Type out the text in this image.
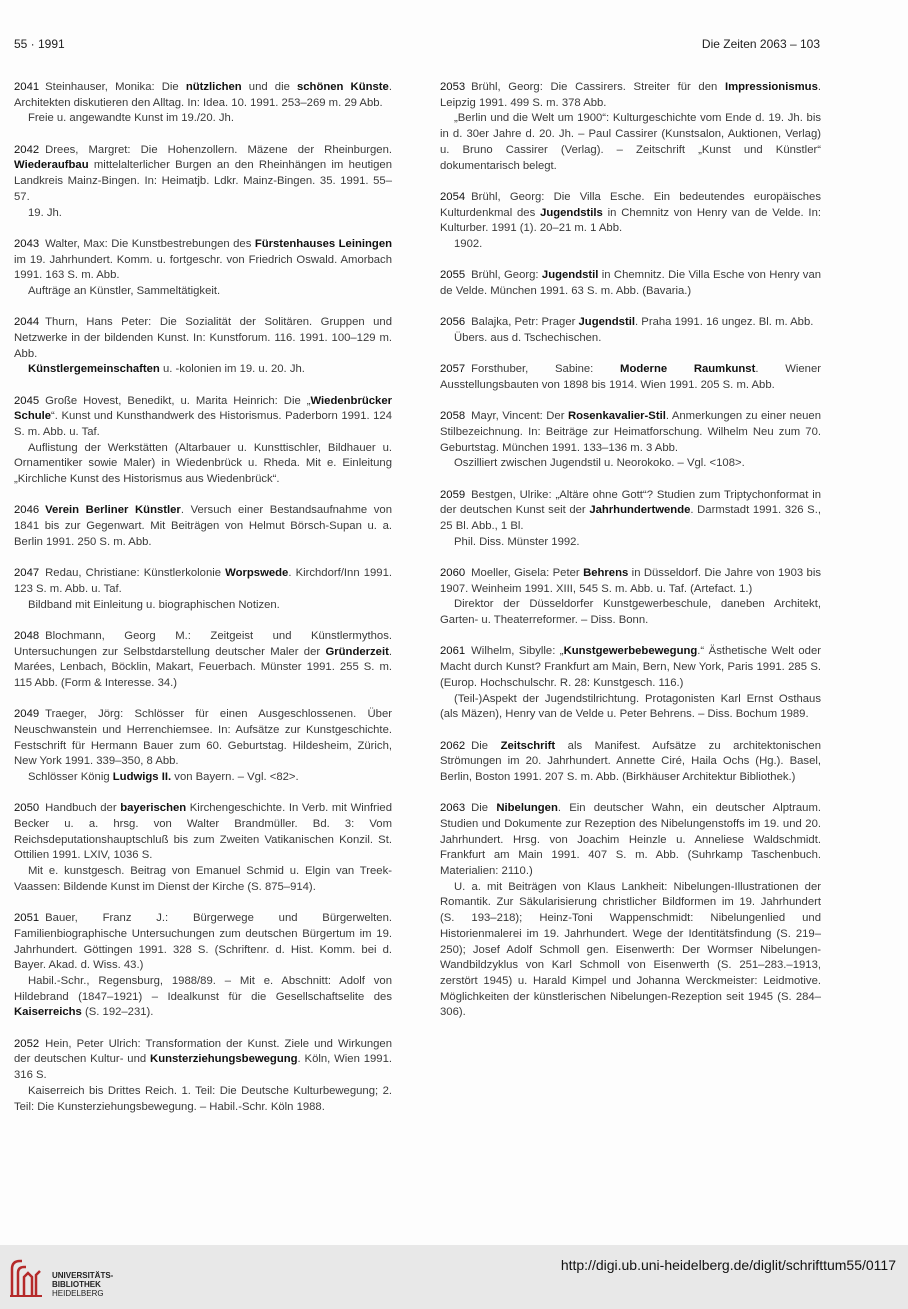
55 · 1991	Die Zeiten 2063 – 103
2041 Steinhauser, Monika: Die nützlichen und die schönen Künste. Architekten diskutieren den Alltag. In: Idea. 10. 1991. 253–269 m. 29 Abb.
Freie u. angewandte Kunst im 19./20. Jh.
2042 Drees, Margret: Die Hohenzollern. Mäzene der Rheinburgen. Wiederaufbau mittelalterlicher Burgen an den Rheinhängen im heutigen Landkreis Mainz-Bingen. In: Heimatjb. Ldkr. Mainz-Bingen. 35. 1991. 55–57.
19. Jh.
2043 Walter, Max: Die Kunstbestrebungen des Fürstenhauses Leiningen im 19. Jahrhundert. Komm. u. fortgeschr. von Friedrich Oswald. Amorbach 1991. 163 S. m. Abb.
Aufträge an Künstler, Sammeltätigkeit.
2044 Thurn, Hans Peter: Die Sozialität der Solitären. Gruppen und Netzwerke in der bildenden Kunst. In: Kunstforum. 116. 1991. 100–129 m. Abb.
Künstlergemeinschaften u. -kolonien im 19. u. 20. Jh.
2045 Große Hovest, Benedikt, u. Marita Heinrich: Die „Wiedenbrücker Schule“. Kunst und Kunsthandwerk des Historismus. Paderborn 1991. 124 S. m. Abb. u. Taf.
Auflistung der Werkstätten (Altarbauer u. Kunsttischler, Bildhauer u. Ornamentiker sowie Maler) in Wiedenbrück u. Rheda. Mit e. Einleitung „Kirchliche Kunst des Historismus aus Wiedenbrück“.
2046 Verein Berliner Künstler. Versuch einer Bestandsaufnahme von 1841 bis zur Gegenwart. Mit Beiträgen von Helmut Börsch-Supan u. a. Berlin 1991. 250 S. m. Abb.
2047 Redau, Christiane: Künstlerkolonie Worpswede. Kirchdorf/Inn 1991. 123 S. m. Abb. u. Taf.
Bildband mit Einleitung u. biographischen Notizen.
2048 Blochmann, Georg M.: Zeitgeist und Künstlermythos. Untersuchungen zur Selbstdarstellung deutscher Maler der Gründerzeit. Marées, Lenbach, Böcklin, Makart, Feuerbach. Münster 1991. 255 S. m. 115 Abb. (Form & Interesse. 34.)
2049 Traeger, Jörg: Schlösser für einen Ausgeschlossenen. Über Neuschwanstein und Herrenchiemsee. In: Aufsätze zur Kunstgeschichte. Festschrift für Hermann Bauer zum 60. Geburtstag. Hildesheim, Zürich, New York 1991. 339–350, 8 Abb.
Schlösser König Ludwigs II. von Bayern. – Vgl. <82>.
2050 Handbuch der bayerischen Kirchengeschichte. In Verb. mit Winfried Becker u. a. hrsg. von Walter Brandmüller. Bd. 3: Vom Reichsdeputationshauptschluß bis zum Zweiten Vatikanischen Konzil. St. Ottilien 1991. LXIV, 1036 S.
Mit e. kunstgesch. Beitrag von Emanuel Schmid u. Elgin van Treek-Vaassen: Bildende Kunst im Dienst der Kirche (S. 875–914).
2051 Bauer, Franz J.: Bürgerwege und Bürgerwelten. Familienbiographische Untersuchungen zum deutschen Bürgertum im 19. Jahrhundert. Göttingen 1991. 328 S. (Schriftenr. d. Hist. Komm. bei d. Bayer. Akad. d. Wiss. 43.)
Habil.-Schr., Regensburg, 1988/89. – Mit e. Abschnitt: Adolf von Hildebrand (1847–1921) – Idealkunst für die Gesellschaftselite des Kaiserreichs (S. 192–231).
2052 Hein, Peter Ulrich: Transformation der Kunst. Ziele und Wirkungen der deutschen Kultur- und Kunsterziehungsbewegung. Köln, Wien 1991. 316 S.
Kaiserreich bis Drittes Reich. 1. Teil: Die Deutsche Kulturbewegung; 2. Teil: Die Kunsterziehungsbewegung. – Habil.-Schr. Köln 1988.
2053 Brühl, Georg: Die Cassirers. Streiter für den Impressionismus. Leipzig 1991. 499 S. m. 378 Abb.
„Berlin und die Welt um 1900“: Kulturgeschichte vom Ende d. 19. Jh. bis in d. 30er Jahre d. 20. Jh. – Paul Cassirer (Kunstsalon, Auktionen, Verlag) u. Bruno Cassirer (Verlag). – Zeitschrift „Kunst und Künstler“ dokumentarisch belegt.
2054 Brühl, Georg: Die Villa Esche. Ein bedeutendes europäisches Kulturdenkmal des Jugendstils in Chemnitz von Henry van de Velde. In: Kulturber. 1991 (1). 20–21 m. 1 Abb.
1902.
2055 Brühl, Georg: Jugendstil in Chemnitz. Die Villa Esche von Henry van de Velde. München 1991. 63 S. m. Abb. (Bavaria.)
2056 Balajka, Petr: Prager Jugendstil. Praha 1991. 16 ungez. Bl. m. Abb.
Übers. aus d. Tschechischen.
2057 Forsthuber, Sabine: Moderne Raumkunst. Wiener Ausstellungsbauten von 1898 bis 1914. Wien 1991. 205 S. m. Abb.
2058 Mayr, Vincent: Der Rosenkavalier-Stil. Anmerkungen zu einer neuen Stilbezeichnung. In: Beiträge zur Heimatforschung. Wilhelm Neu zum 70. Geburtstag. München 1991. 133–136 m. 3 Abb.
Oszilliert zwischen Jugendstil u. Neorokoko. – Vgl. <108>.
2059 Bestgen, Ulrike: „Altäre ohne Gott“? Studien zum Triptychonformat in der deutschen Kunst seit der Jahrhundertwende. Darmstadt 1991. 326 S., 25 Bl. Abb., 1 Bl.
Phil. Diss. Münster 1992.
2060 Moeller, Gisela: Peter Behrens in Düsseldorf. Die Jahre von 1903 bis 1907. Weinheim 1991. XIII, 545 S. m. Abb. u. Taf. (Artefact. 1.)
Direktor der Düsseldorfer Kunstgewerbeschule, daneben Architekt, Garten- u. Theaterreformer. – Diss. Bonn.
2061 Wilhelm, Sibylle: „Kunstgewerbebewegung.“ Ästhetische Welt oder Macht durch Kunst? Frankfurt am Main, Bern, New York, Paris 1991. 285 S. (Europ. Hochschulschr. R. 28: Kunstgesch. 116.)
(Teil-)Aspekt der Jugendstilrichtung. Protagonisten Karl Ernst Osthaus (als Mäzen), Henry van de Velde u. Peter Behrens. – Diss. Bochum 1989.
2062 Die Zeitschrift als Manifest. Aufsätze zu architektonischen Strömungen im 20. Jahrhundert. Annette Ciré, Haila Ochs (Hg.). Basel, Berlin, Boston 1991. 207 S. m. Abb. (Birkhäuser Architektur Bibliothek.)
2063 Die Nibelungen. Ein deutscher Wahn, ein deutscher Alptraum. Studien und Dokumente zur Rezeption des Nibelungenstoffs im 19. und 20. Jahrhundert. Hrsg. von Joachim Heinzle u. Anneliese Waldschmidt. Frankfurt am Main 1991. 407 S. m. Abb. (Suhrkamp Taschenbuch. Materialien: 2110.)
U. a. mit Beiträgen von Klaus Lankheit: Nibelungen-Illustrationen der Romantik. Zur Säkularisierung christlicher Bildformen im 19. Jahrhundert (S. 193–218); Heinz-Toni Wappenschmidt: Nibelungenlied und Historienmalerei im 19. Jahrhundert. Wege der Identitätsfindung (S. 219–250); Josef Adolf Schmoll gen. Eisenwerth: Der Wormser Nibelungen-Wandbildzyklus von Karl Schmoll von Eisenwerth (S. 251–283.–1913, zerstört 1945) u. Harald Kimpel und Johanna Werckmeister: Leidmotive. Möglichkeiten der künstlerischen Nibelungen-Rezeption seit 1945 (S. 284–306).
UNIVERSITÄTS-
BIBLIOTHEK
HEIDELBERG
http://digi.ub.uni-heidelberg.de/diglit/schrifttum55/0117
